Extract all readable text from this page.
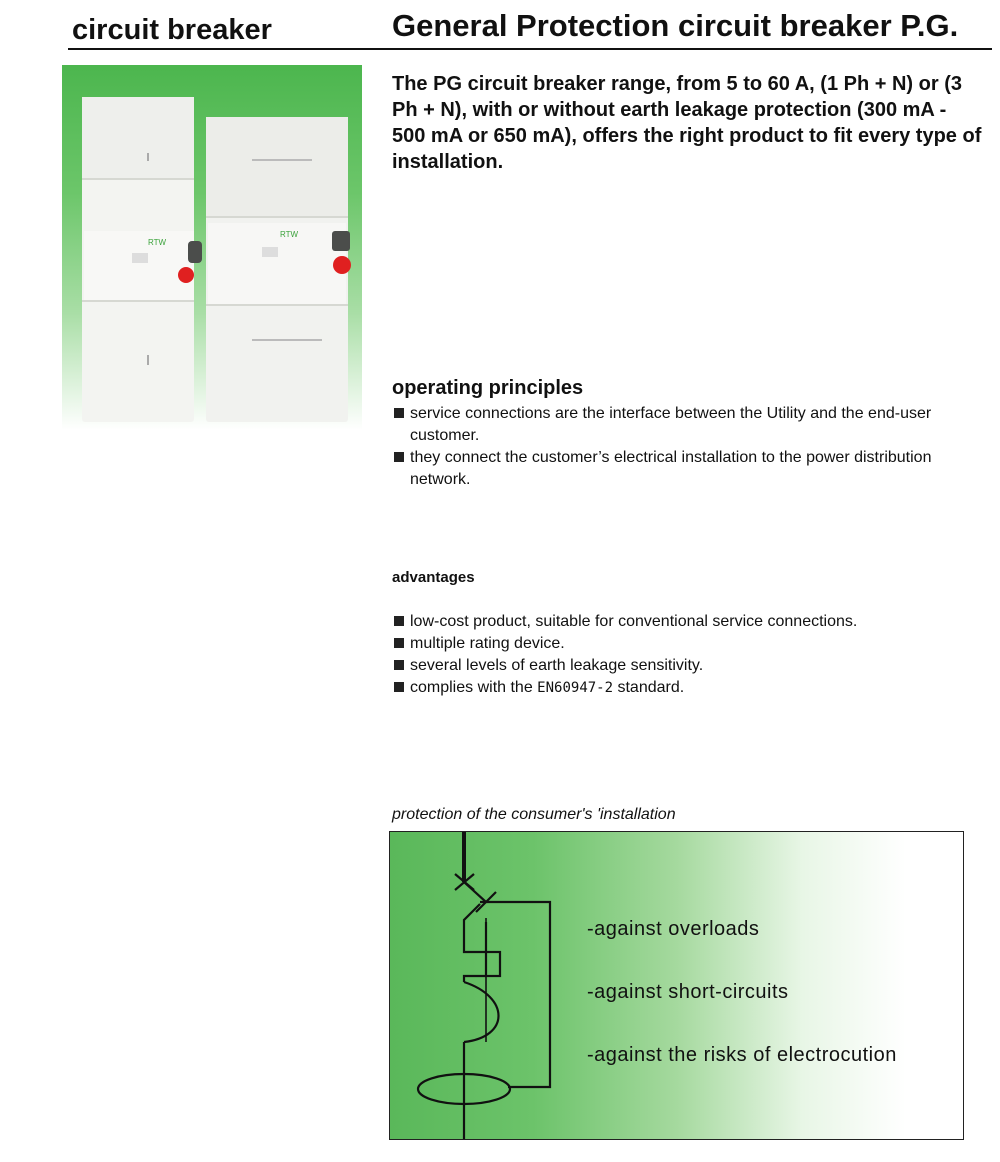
circuit breaker	General Protection circuit breaker P.G.
RTW
RTW
The PG circuit breaker range, from 5 to 60 A, (1 Ph + N) or (3 Ph + N), with or without earth leakage protection (300 mA - 500 mA or 650 mA), offers the right product to fit every type of installation.
operating principles
service connections are the interface between the Utility and the end-user customer.
they connect the customer’s electrical installation to the power distribution network.
advantages
low-cost product, suitable for conventional service connections.
multiple rating device.
several levels of earth leakage sensitivity.
complies with the EN60947-2 standard.
protection of the consumer's 'installation
-against overloads
-against short-circuits
-against the risks of electrocution
